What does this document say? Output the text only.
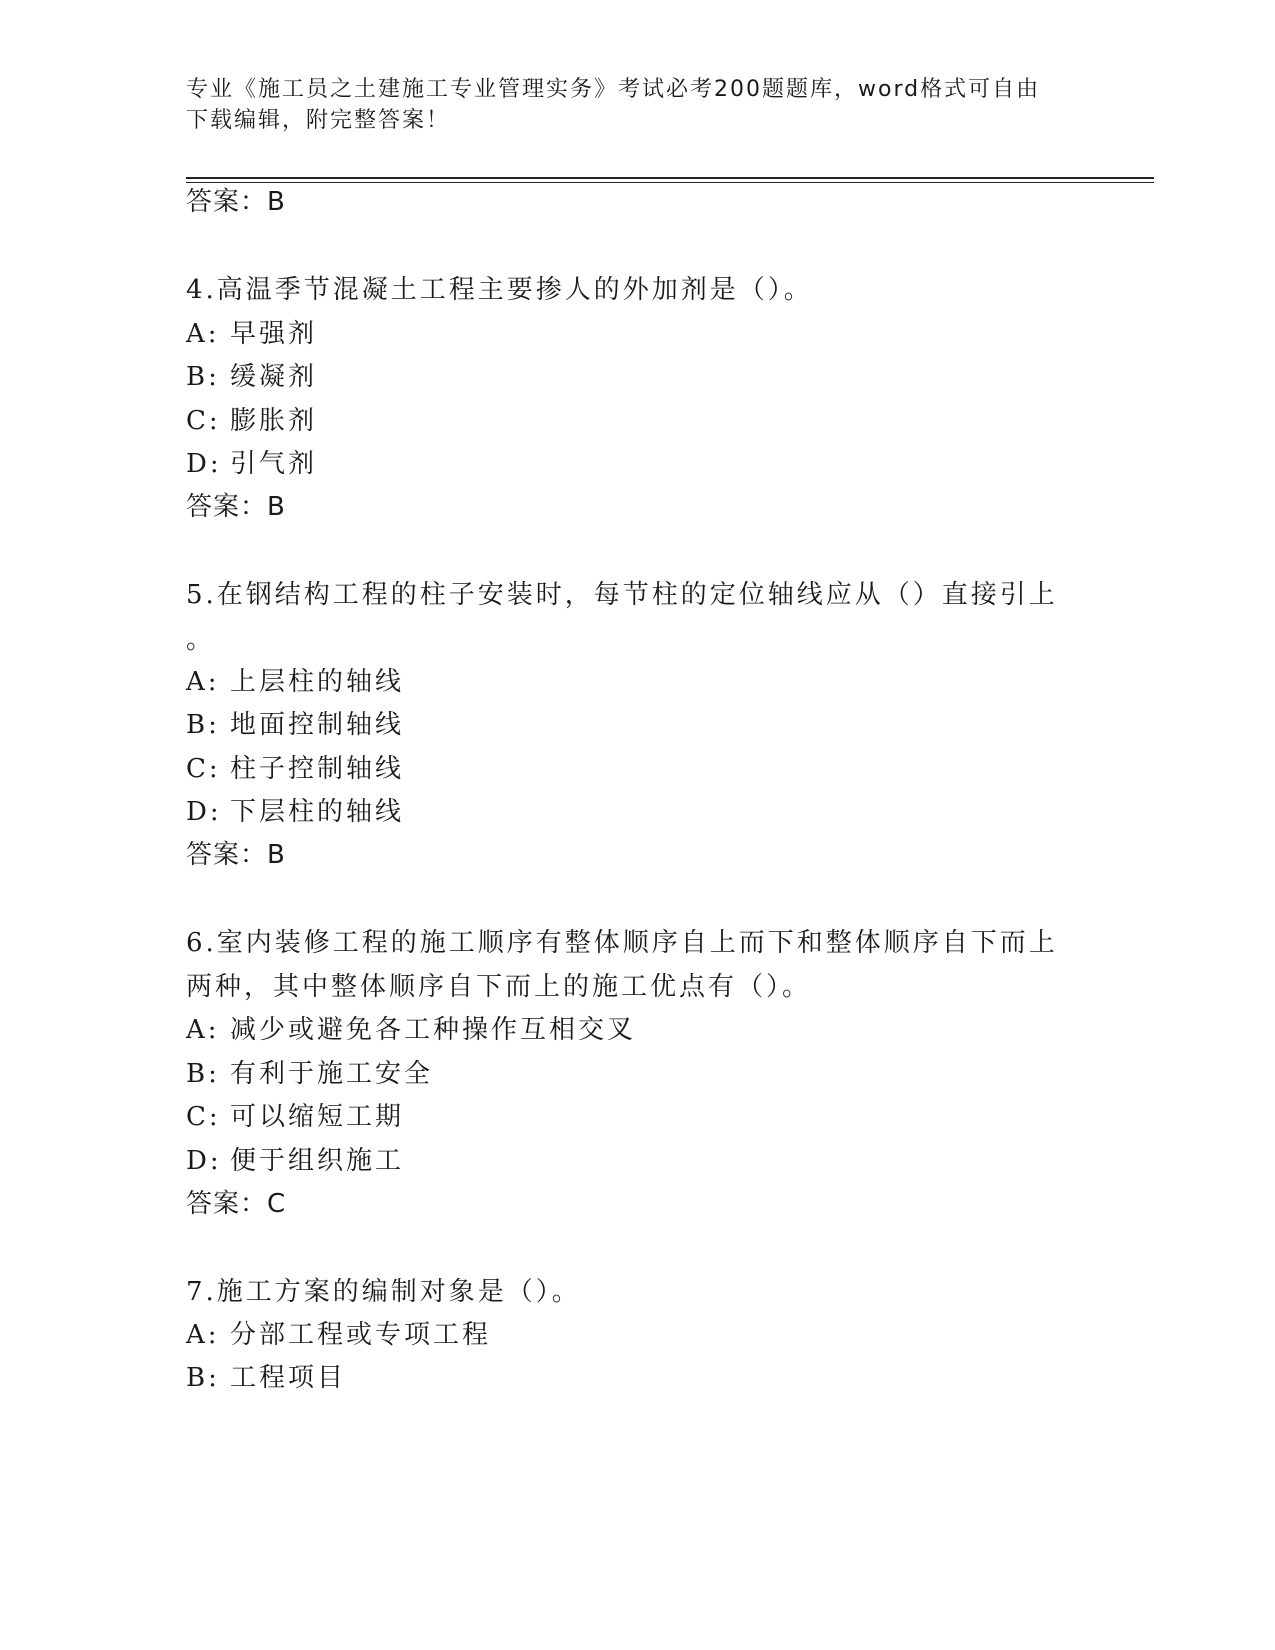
专业《施工员之土建施工专业管理实务》考试必考200题题库，word格式可自由
下载编辑，附完整答案！
答案：B
4.高温季节混凝土工程主要掺人的外加剂是（）。
A: 早强剂
B: 缓凝剂
C: 膨胀剂
D: 引气剂
答案：B
5.在钢结构工程的柱子安装时，每节柱的定位轴线应从（）直接引上
。
A: 上层柱的轴线
B: 地面控制轴线
C: 柱子控制轴线
D: 下层柱的轴线
答案：B
6.室内装修工程的施工顺序有整体顺序自上而下和整体顺序自下而上
两种，其中整体顺序自下而上的施工优点有（）。
A: 减少或避免各工种操作互相交叉
B: 有利于施工安全
C: 可以缩短工期
D: 便于组织施工
答案：C
7.施工方案的编制对象是（）。
A: 分部工程或专项工程
B: 工程项目
